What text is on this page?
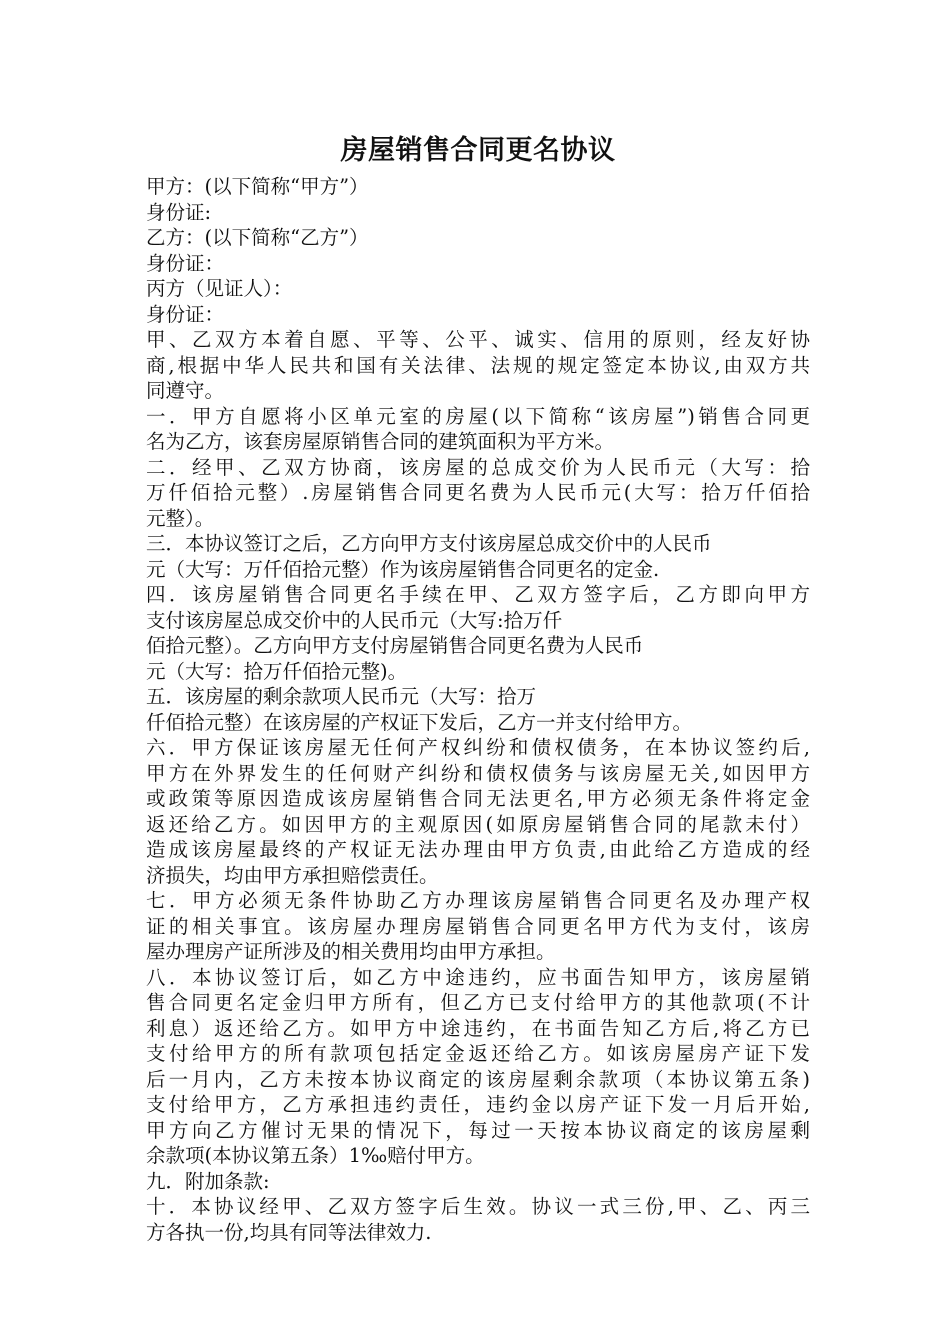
房屋销售合同更名协议
甲方：(以下简称“甲方”）
身份证:
乙方：(以下简称“乙方”）
身份证：
丙方（见证人）：
身份证：
甲、乙双方本着自愿、平等、公平、诚实、信用的原则，经友好协
商,根据中华人民共和国有关法律、法规的规定签定本协议,由双方共
同遵守。
一．甲方自愿将小区单元室的房屋(以下简称“该房屋”)销售合同更
名为乙方，该套房屋原销售合同的建筑面积为平方米。
二．经甲、乙双方协商，该房屋的总成交价为人民币元（大写：拾
万仟佰拾元整）.房屋销售合同更名费为人民币元(大写：拾万仟佰拾
元整）。
三．本协议签订之后，乙方向甲方支付该房屋总成交价中的人民币
元（大写：万仟佰拾元整）作为该房屋销售合同更名的定金.
四．该房屋销售合同更名手续在甲、乙双方签字后，乙方即向甲方
支付该房屋总成交价中的人民币元（大写:拾万仟
佰拾元整）。乙方向甲方支付房屋销售合同更名费为人民币
元（大写：拾万仟佰拾元整)。
五．该房屋的剩余款项人民币元（大写：拾万
仟佰拾元整）在该房屋的产权证下发后，乙方一并支付给甲方。
六．甲方保证该房屋无任何产权纠纷和债权债务，在本协议签约后,
甲方在外界发生的任何财产纠纷和债权债务与该房屋无关,如因甲方
或政策等原因造成该房屋销售合同无法更名,甲方必须无条件将定金
返还给乙方。如因甲方的主观原因(如原房屋销售合同的尾款未付）
造成该房屋最终的产权证无法办理由甲方负责,由此给乙方造成的经
济损失，均由甲方承担赔偿责任。
七．甲方必须无条件协助乙方办理该房屋销售合同更名及办理产权
证的相关事宜。该房屋办理房屋销售合同更名甲方代为支付，该房
屋办理房产证所涉及的相关费用均由甲方承担。
八．本协议签订后，如乙方中途违约，应书面告知甲方，该房屋销
售合同更名定金归甲方所有，但乙方已支付给甲方的其他款项(不计
利息）返还给乙方。如甲方中途违约，在书面告知乙方后,将乙方已
支付给甲方的所有款项包括定金返还给乙方。如该房屋房产证下发
后一月内，乙方未按本协议商定的该房屋剩余款项（本协议第五条)
支付给甲方，乙方承担违约责任，违约金以房产证下发一月后开始,
甲方向乙方催讨无果的情况下，每过一天按本协议商定的该房屋剩
余款项(本协议第五条）1‰赔付甲方。
九．附加条款:
十．本协议经甲、乙双方签字后生效。协议一式三份,甲、乙、丙三
方各执一份,均具有同等法律效力.
